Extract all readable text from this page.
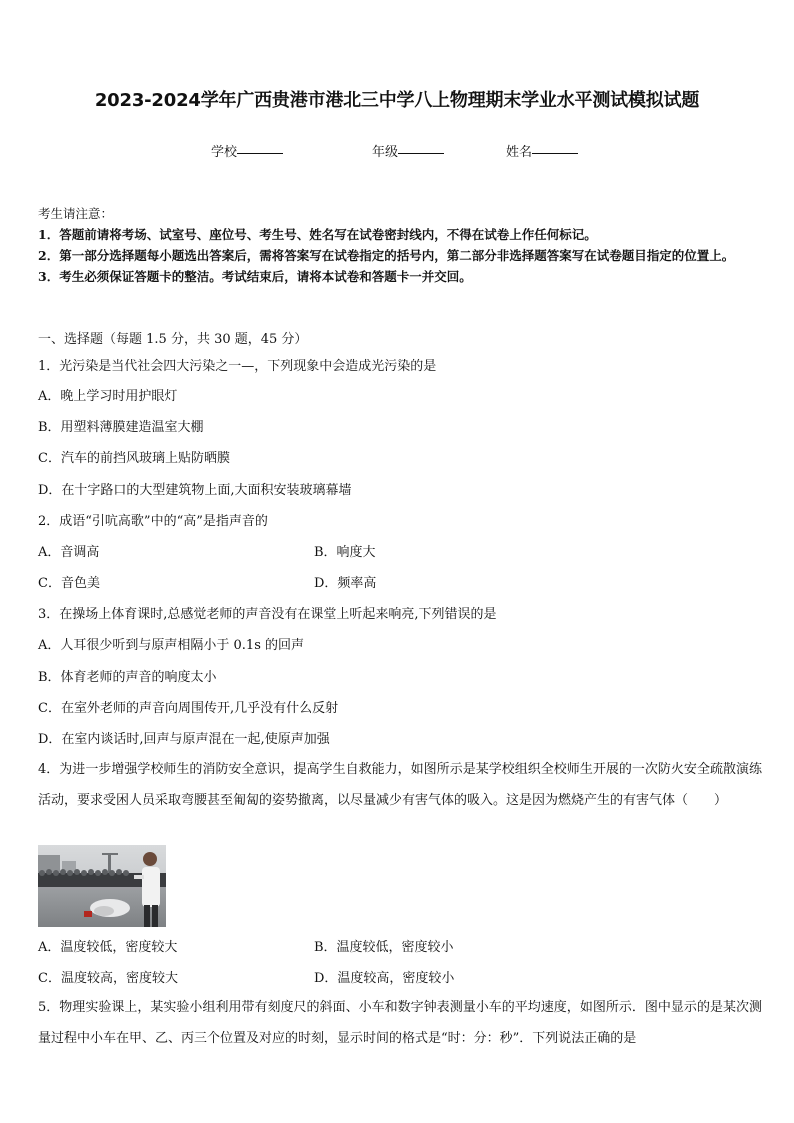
2023-2024学年广西贵港市港北三中学八上物理期末学业水平测试模拟试题
学校	年级	姓名

考生请注意：

1．答题前请将考场、试室号、座位号、考生号、姓名写在试卷密封线内，不得在试卷上作任何标记。

2．第一部分选择题每小题选出答案后，需将答案写在试卷指定的括号内，第二部分非选择题答案写在试卷题目指定的位置上。

3．考生必须保证答题卡的整洁。考试结束后，请将本试卷和答题卡一并交回。

一、选择题（每题 1.5 分，共 30 题，45 分）
1．光污染是当代社会四大污染之一—，下列现象中会造成光污染的是
A．晚上学习时用护眼灯
B．用塑料薄膜建造温室大棚
C．汽车的前挡风玻璃上贴防晒膜
D．在十字路口的大型建筑物上面,大面积安装玻璃幕墙
2．成语“引吭高歌”中的“高”是指声音的
A．音调高	B．响度大
C．音色美	D．频率高
3．在操场上体育课时,总感觉老师的声音没有在课堂上听起来响亮,下列错误的是
A．人耳很少听到与原声相隔小于 0.1s 的回声
B．体育老师的声音的响度太小
C．在室外老师的声音向周围传开,几乎没有什么反射
D．在室内谈话时,回声与原声混在一起,使原声加强
4．为进一步增强学校师生的消防安全意识，提高学生自救能力，如图所示是某学校组织全校师生开展的一次防火安全疏散演练活动，要求受困人员采取弯腰甚至匍匐的姿势撤离，以尽量减少有害气体的吸入。这是因为燃烧产生的有害气体（　　）
A．温度较低，密度较大	B．温度较低，密度较小
C．温度较高，密度较大	D．温度较高，密度较小
5．物理实验课上，某实验小组利用带有刻度尺的斜面、小车和数字钟表测量小车的平均速度，如图所示．图中显示的是某次测量过程中小车在甲、乙、丙三个位置及对应的时刻，显示时间的格式是“时：分：秒”．下列说法正确的是
